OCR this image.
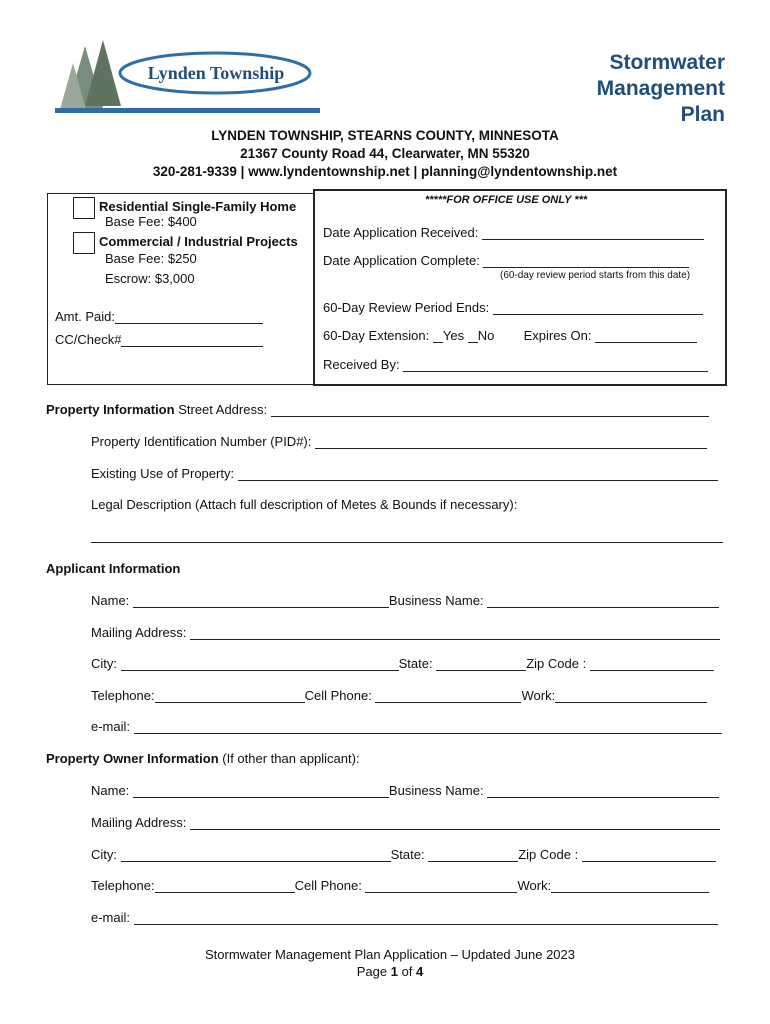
Lynden Township	Stormwater
Management
Plan
LYNDEN TOWNSHIP, STEARNS COUNTY, MINNESOTA
21367 County Road 44, Clearwater, MN 55320
320-281-9339 | www.lyndentownship.net | planning@lyndentownship.net
Residential Single-Family Home
Base Fee: $400
Commercial / Industrial Projects
Base Fee: $250
Escrow: $3,000
Amt. Paid:
CC/Check#
*****FOR OFFICE USE ONLY ***
Date Application Received:
Date Application Complete:
(60-day review period starts from this date)
60-Day Review Period Ends:
60-Day Extension: Yes No Expires On:
Received By:
Property Information Street Address:
Property Identification Number (PID#):
Existing Use of Property:
Legal Description (Attach full description of Metes & Bounds if necessary):
Applicant Information
Name:	Business Name:
Mailing Address:
City:	State:	Zip Code :
Telephone:	Cell Phone:	Work:
e-mail:
Property Owner Information (If other than applicant):
Name:	Business Name:
Mailing Address:
City:	State:	Zip Code :
Telephone:	Cell Phone:	Work:
e-mail:
Stormwater Management Plan Application – Updated June 2023
Page 1 of 4
